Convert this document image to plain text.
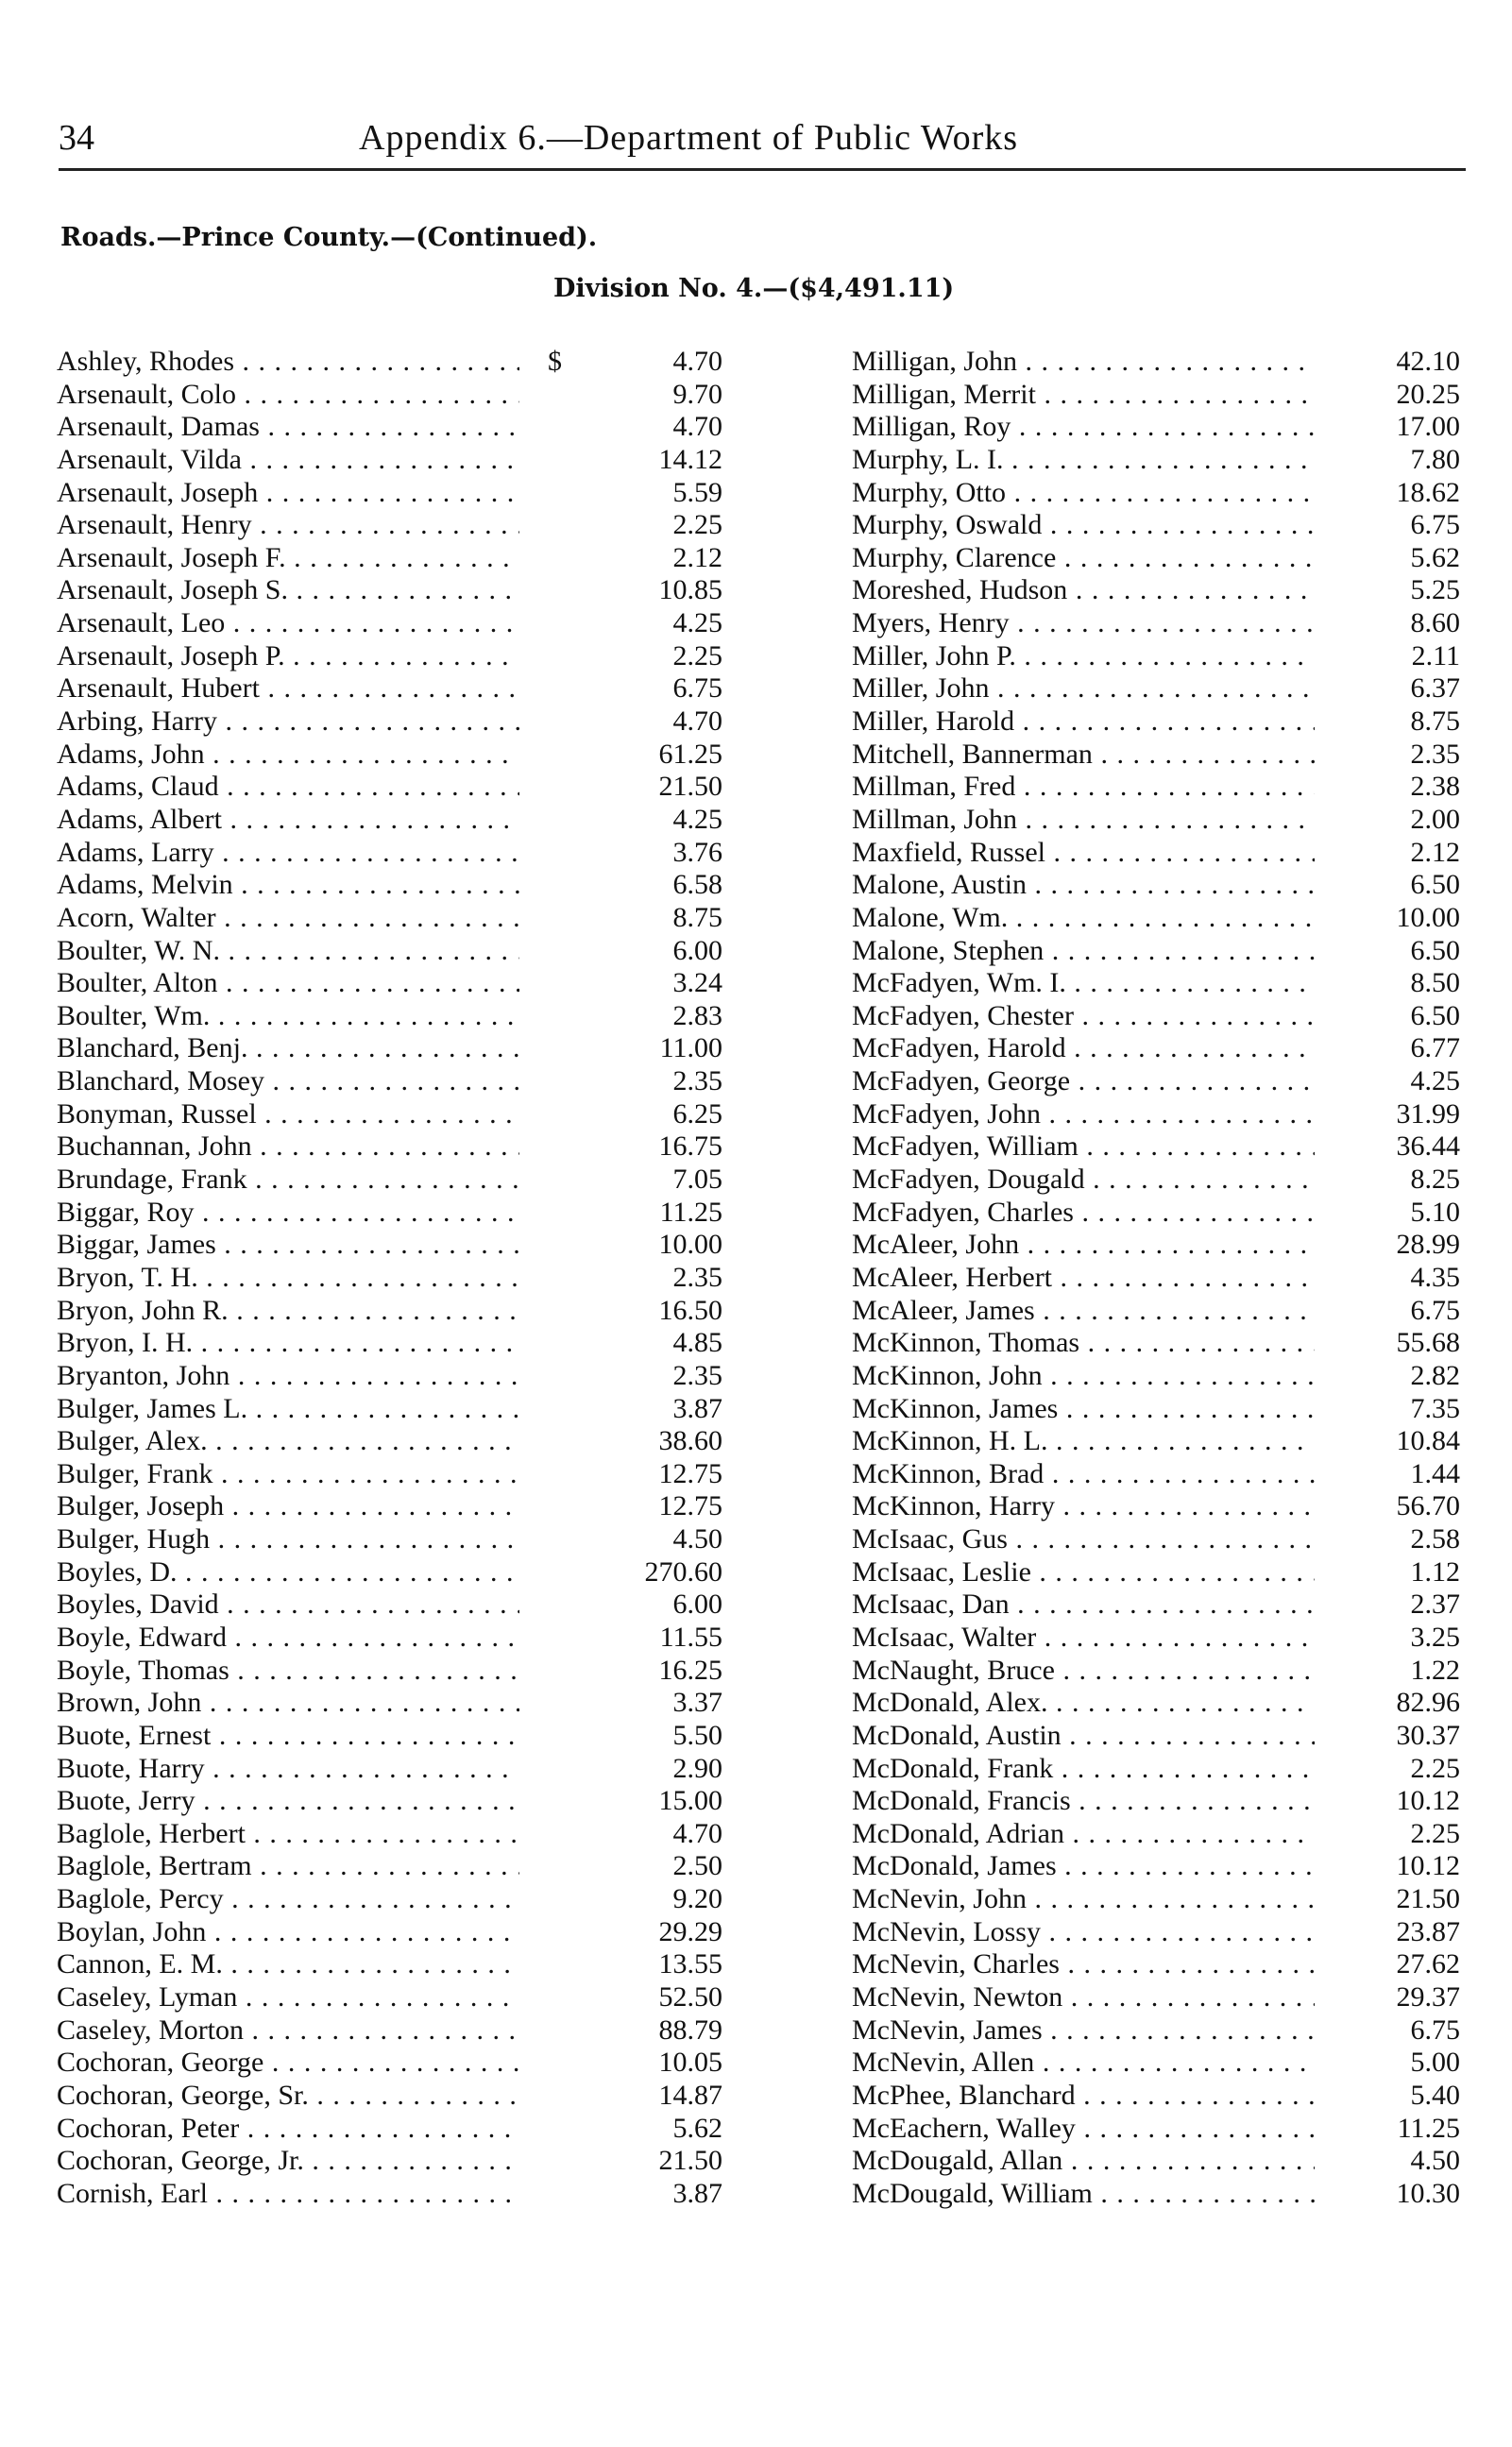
34	Appendix 6.—Department of Public Works
Roads.—Prince County.—(Continued).
Division No. 4.—($4,491.11)
Ashley, Rhodes . . .	$	4.70
Arsenault, Colo . . .	9.70
Arsenault, Damas . . .	4.70
Arsenault, Vilda . . .	14.12
Arsenault, Joseph . . .	5.59
Arsenault, Henry . . .	2.25
Arsenault, Joseph F. . . .	2.12
Arsenault, Joseph S. . . .	10.85
Arsenault, Leo . . .	4.25
Arsenault, Joseph P. . . .	2.25
Arsenault, Hubert . . .	6.75
Arbing, Harry . . .	4.70
Adams, John . . .	61.25
Adams, Claud . . .	21.50
Adams, Albert . . .	4.25
Adams, Larry . . .	3.76
Adams, Melvin . . .	6.58
Acorn, Walter . . .	8.75
Boulter, W. N. . . .	6.00
Boulter, Alton . . .	3.24
Boulter, Wm. . . .	2.83
Blanchard, Benj. . . .	11.00
Blanchard, Mosey . . .	2.35
Bonyman, Russel . . .	6.25
Buchannan, John . . .	16.75
Brundage, Frank . . .	7.05
Biggar, Roy . . .	11.25
Biggar, James . . .	10.00
Bryon, T. H. . . .	2.35
Bryon, John R. . . .	16.50
Bryon, I. H. . . .	4.85
Bryanton, John . . .	2.35
Bulger, James L. . . .	3.87
Bulger, Alex. . . .	38.60
Bulger, Frank . . .	12.75
Bulger, Joseph . . .	12.75
Bulger, Hugh . . .	4.50
Boyles, D. . . .	270.60
Boyles, David . . .	6.00
Boyle, Edward . . .	11.55
Boyle, Thomas . . .	16.25
Brown, John . . .	3.37
Buote, Ernest . . .	5.50
Buote, Harry . . .	2.90
Buote, Jerry . . .	15.00
Baglole, Herbert . . .	4.70
Baglole, Bertram . . .	2.50
Baglole, Percy . . .	9.20
Boylan, John . . .	29.29
Cannon, E. M. . . .	13.55
Caseley, Lyman . . .	52.50
Caseley, Morton . . .	88.79
Cochoran, George . . .	10.05
Cochoran, George, Sr. . . .	14.87
Cochoran, Peter . . .	5.62
Cochoran, George, Jr. . . .	21.50
Cornish, Earl . . .	3.87
Milligan, John . . .	42.10
Milligan, Merrit . . .	20.25
Milligan, Roy . . .	17.00
Murphy, L. I. . . .	7.80
Murphy, Otto . . .	18.62
Murphy, Oswald . . .	6.75
Murphy, Clarence . . .	5.62
Moreshed, Hudson . . .	5.25
Myers, Henry . . .	8.60
Miller, John P. . . .	2.11
Miller, John . . .	6.37
Miller, Harold . . .	8.75
Mitchell, Bannerman . . .	2.35
Millman, Fred . . .	2.38
Millman, John . . .	2.00
Maxfield, Russel . . .	2.12
Malone, Austin . . .	6.50
Malone, Wm. . . .	10.00
Malone, Stephen . . .	6.50
McFadyen, Wm. I. . . .	8.50
McFadyen, Chester . . .	6.50
McFadyen, Harold . . .	6.77
McFadyen, George . . .	4.25
McFadyen, John . . .	31.99
McFadyen, William . . .	36.44
McFadyen, Dougald . . .	8.25
McFadyen, Charles . . .	5.10
McAleer, John . . .	28.99
McAleer, Herbert . . .	4.35
McAleer, James . . .	6.75
McKinnon, Thomas . . .	55.68
McKinnon, John . . .	2.82
McKinnon, James . . .	7.35
McKinnon, H. L. . . .	10.84
McKinnon, Brad . . .	1.44
McKinnon, Harry . . .	56.70
McIsaac, Gus . . .	2.58
McIsaac, Leslie . . .	1.12
McIsaac, Dan . . .	2.37
McIsaac, Walter . . .	3.25
McNaught, Bruce . . .	1.22
McDonald, Alex. . . .	82.96
McDonald, Austin . . .	30.37
McDonald, Frank . . .	2.25
McDonald, Francis . . .	10.12
McDonald, Adrian . . .	2.25
McDonald, James . . .	10.12
McNevin, John . . .	21.50
McNevin, Lossy . . .	23.87
McNevin, Charles . . .	27.62
McNevin, Newton . . .	29.37
McNevin, James . . .	6.75
McNevin, Allen . . .	5.00
McPhee, Blanchard . . .	5.40
McEachern, Walley . . .	11.25
McDougald, Allan . . .	4.50
McDougald, William . . .	10.30
